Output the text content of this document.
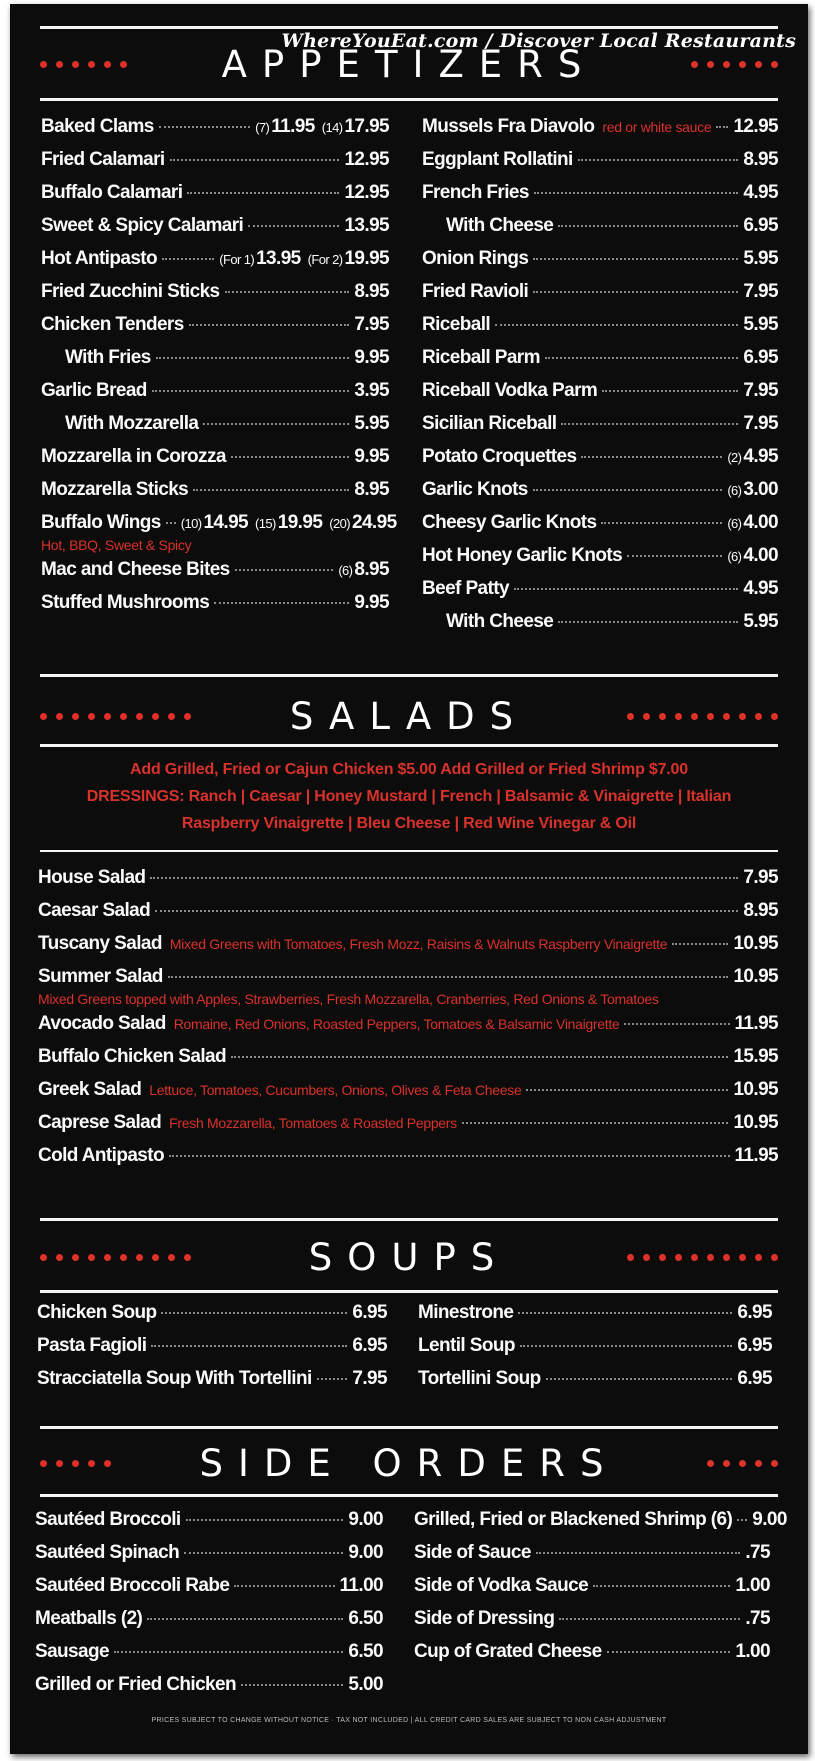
WhereYouEat.com / Discover Local Restaurants
APPETIZERS
Baked Clams	(7) 11.95 (14) 17.95
Fried Calamari	12.95
Buffalo Calamari	12.95
Sweet & Spicy Calamari	13.95
Hot Antipasto	(For 1) 13.95 (For 2) 19.95
Fried Zucchini Sticks	8.95
Chicken Tenders	7.95
With Fries	9.95
Garlic Bread	3.95
With Mozzarella	5.95
Mozzarella in Corozza	9.95
Mozzarella Sticks	8.95
Buffalo Wings (10) 14.95 (15) 19.95 (20) 24.95
Hot, BBQ, Sweet & Spicy
Mac and Cheese Bites	(6) 8.95
Stuffed Mushrooms	9.95
Mussels Fra Diavolo red or white sauce 12.95
Eggplant Rollatini	8.95
French Fries	4.95
With Cheese	6.95
Onion Rings	5.95
Fried Ravioli	7.95
Riceball	5.95
Riceball Parm	6.95
Riceball Vodka Parm	7.95
Sicilian Riceball	7.95
Potato Croquettes	(2) 4.95
Garlic Knots	(6) 3.00
Cheesy Garlic Knots	(6) 4.00
Hot Honey Garlic Knots	(6) 4.00
Beef Patty	4.95
With Cheese	5.95
SALADS
Add Grilled, Fried or Cajun Chicken $5.00 Add Grilled or Fried Shrimp $7.00
DRESSINGS: Ranch | Caesar | Honey Mustard | French | Balsamic & Vinaigrette | Italian
Raspberry Vinaigrette | Bleu Cheese | Red Wine Vinegar & Oil
House Salad	7.95
Caesar Salad	8.95
Tuscany Salad Mixed Greens with Tomatoes, Fresh Mozz, Raisins & Walnuts Raspberry Vinaigrette	10.95
Summer Salad	10.95
Mixed Greens topped with Apples, Strawberries, Fresh Mozzarella, Cranberries, Red Onions & Tomatoes
Avocado Salad Romaine, Red Onions, Roasted Peppers, Tomatoes & Balsamic Vinaigrette	11.95
Buffalo Chicken Salad	15.95
Greek Salad Lettuce, Tomatoes, Cucumbers, Onions, Olives & Feta Cheese	10.95
Caprese Salad Fresh Mozzarella, Tomatoes & Roasted Peppers	10.95
Cold Antipasto	11.95
SOUPS
Chicken Soup	6.95
Pasta Fagioli	6.95
Stracciatella Soup With Tortellini 7.95
Minestrone	6.95
Lentil Soup	6.95
Tortellini Soup	6.95
SIDE ORDERS
Sautéed Broccoli	9.00
Sautéed Spinach	9.00
Sautéed Broccoli Rabe	11.00
Meatballs (2)	6.50
Sausage	6.50
Grilled or Fried Chicken	5.00
Grilled, Fried or Blackened Shrimp (6) 9.00
Side of Sauce	.75
Side of Vodka Sauce	1.00
Side of Dressing	.75
Cup of Grated Cheese	1.00
PRICES SUBJECT TO CHANGE WITHOUT NOTICE · TAX NOT INCLUDED | ALL CREDIT CARD SALES ARE SUBJECT TO NON CASH ADJUSTMENT
